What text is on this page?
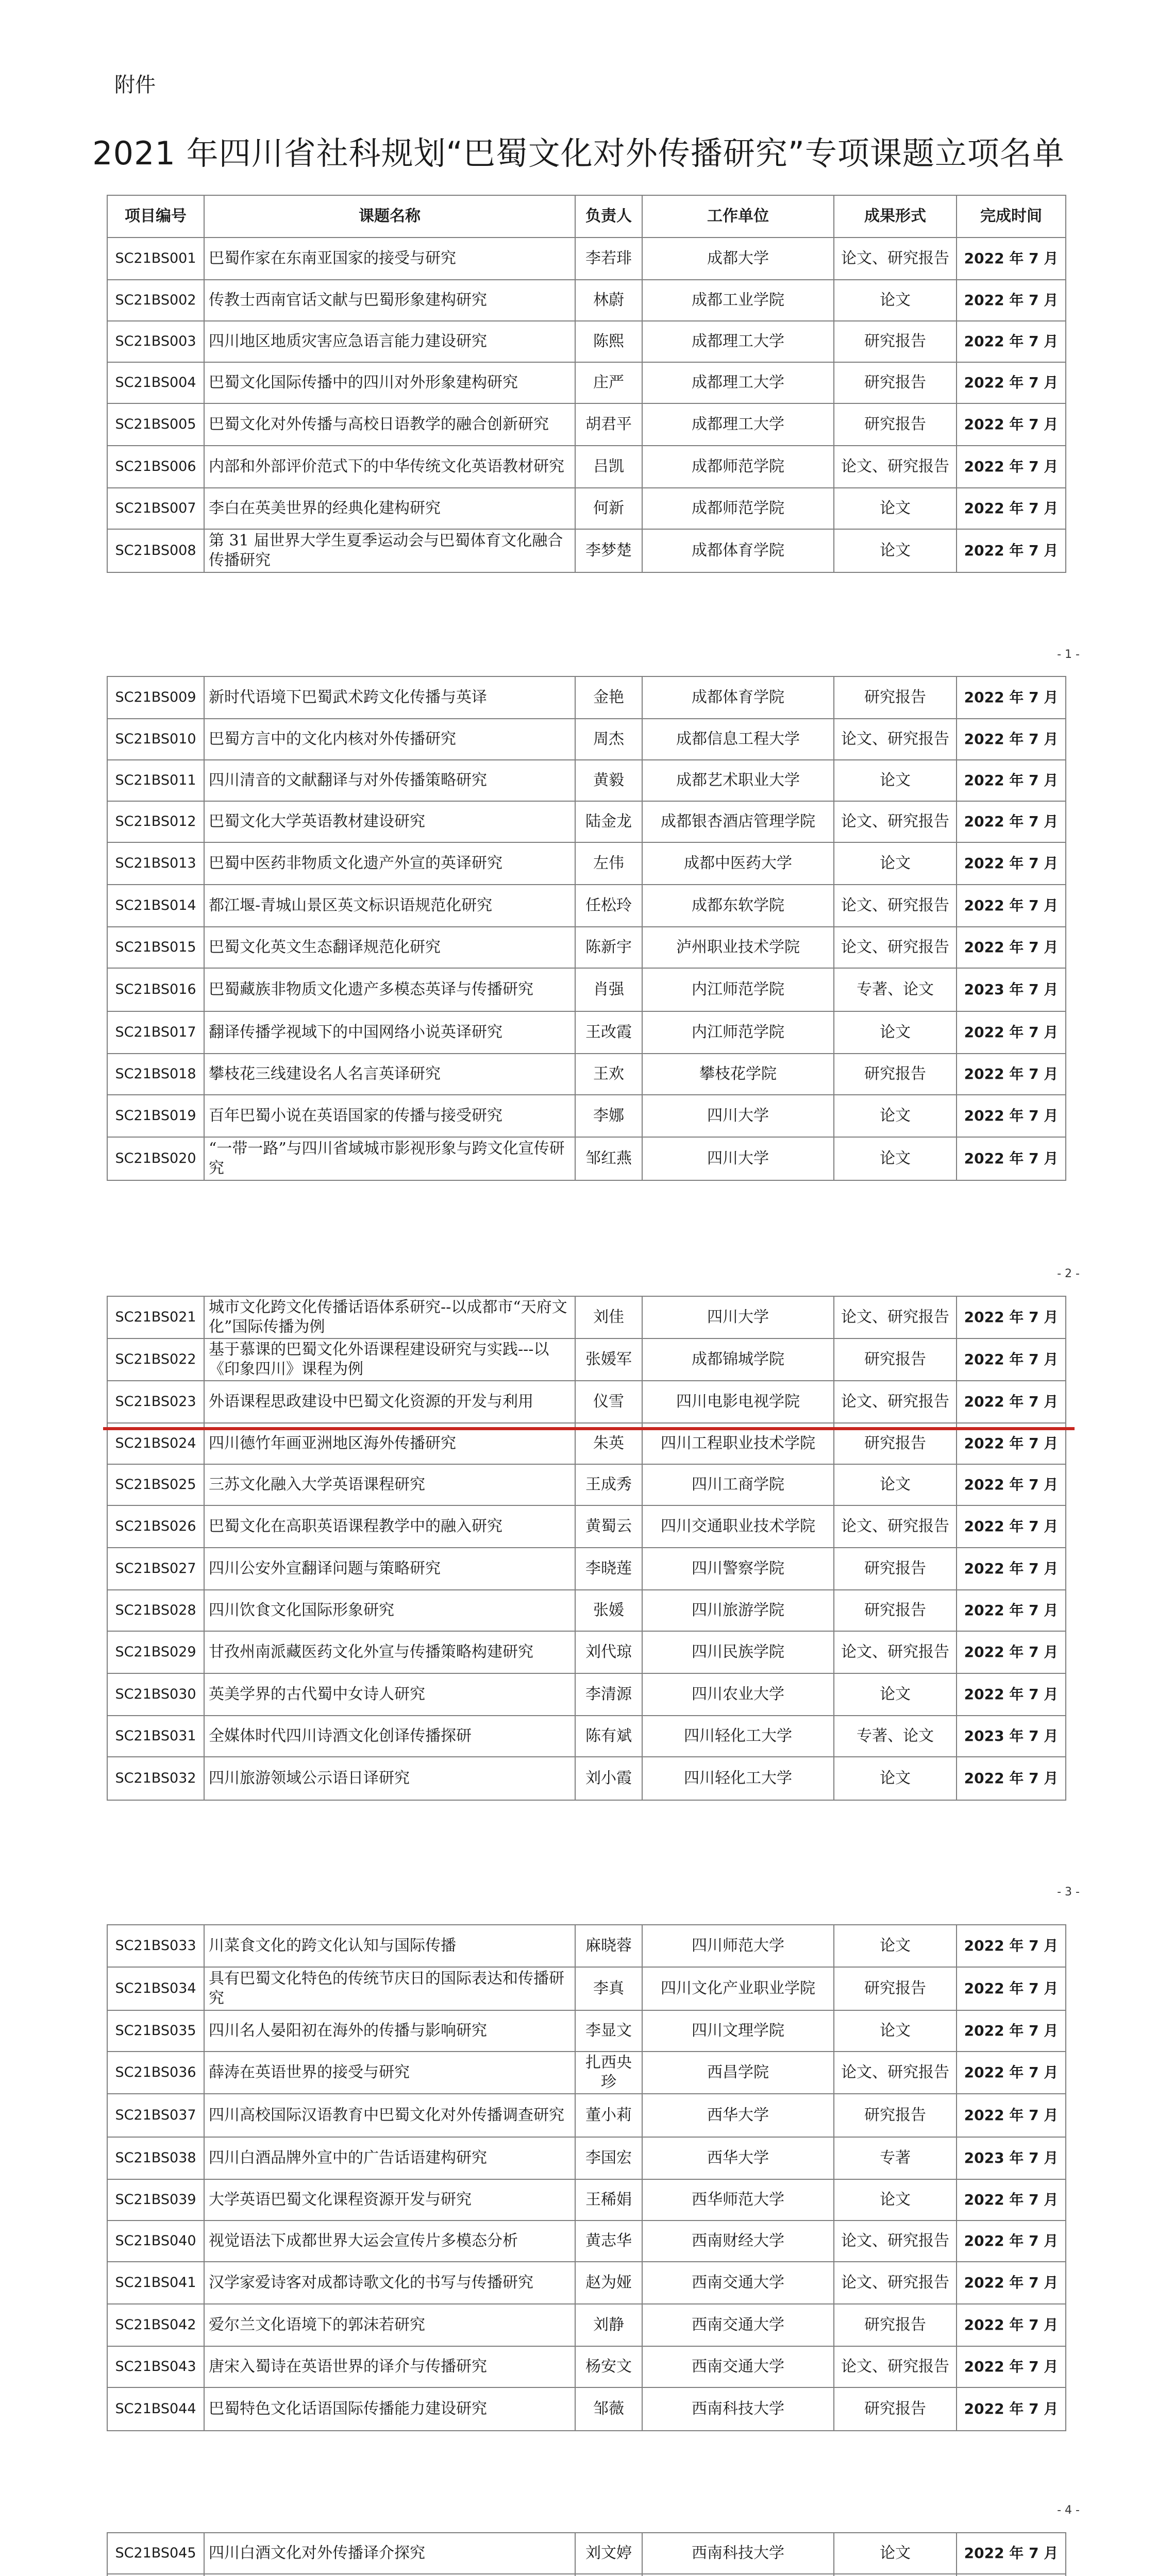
附件
2021 年四川省社科规划“巴蜀文化对外传播研究”专项课题立项名单
项目编号	课题名称	负责人	工作单位	成果形式	完成时间
SC21BS001	巴蜀作家在东南亚国家的接受与研究	李若琲	成都大学	论文、研究报告	2022 年 7 月
SC21BS002	传教士西南官话文献与巴蜀形象建构研究	林蔚	成都工业学院	论文	2022 年 7 月
SC21BS003	四川地区地质灾害应急语言能力建设研究	陈熙	成都理工大学	研究报告	2022 年 7 月
SC21BS004	巴蜀文化国际传播中的四川对外形象建构研究	庄严	成都理工大学	研究报告	2022 年 7 月
SC21BS005	巴蜀文化对外传播与高校日语教学的融合创新研究	胡君平	成都理工大学	研究报告	2022 年 7 月
SC21BS006	内部和外部评价范式下的中华传统文化英语教材研究	吕凯	成都师范学院	论文、研究报告	2022 年 7 月
SC21BS007	李白在英美世界的经典化建构研究	何新	成都师范学院	论文	2022 年 7 月
SC21BS008	第 31 届世界大学生夏季运动会与巴蜀体育文化融合传播研究	李梦楚	成都体育学院	论文	2022 年 7 月
SC21BS009	新时代语境下巴蜀武术跨文化传播与英译	金艳	成都体育学院	研究报告	2022 年 7 月
SC21BS010	巴蜀方言中的文化内核对外传播研究	周杰	成都信息工程大学	论文、研究报告	2022 年 7 月
SC21BS011	四川清音的文献翻译与对外传播策略研究	黄毅	成都艺术职业大学	论文	2022 年 7 月
SC21BS012	巴蜀文化大学英语教材建设研究	陆金龙	成都银杏酒店管理学院	论文、研究报告	2022 年 7 月
SC21BS013	巴蜀中医药非物质文化遗产外宣的英译研究	左伟	成都中医药大学	论文	2022 年 7 月
SC21BS014	都江堰-青城山景区英文标识语规范化研究	任松玲	成都东软学院	论文、研究报告	2022 年 7 月
SC21BS015	巴蜀文化英文生态翻译规范化研究	陈新宇	泸州职业技术学院	论文、研究报告	2022 年 7 月
SC21BS016	巴蜀藏族非物质文化遗产多模态英译与传播研究	肖强	内江师范学院	专著、论文	2023 年 7 月
SC21BS017	翻译传播学视域下的中国网络小说英译研究	王改霞	内江师范学院	论文	2022 年 7 月
SC21BS018	攀枝花三线建设名人名言英译研究	王欢	攀枝花学院	研究报告	2022 年 7 月
SC21BS019	百年巴蜀小说在英语国家的传播与接受研究	李娜	四川大学	论文	2022 年 7 月
SC21BS020	“一带一路”与四川省域城市影视形象与跨文化宣传研究	邹红燕	四川大学	论文	2022 年 7 月
SC21BS021	城市文化跨文化传播话语体系研究--以成都市“天府文化”国际传播为例	刘佳	四川大学	论文、研究报告	2022 年 7 月
SC21BS022	基于慕课的巴蜀文化外语课程建设研究与实践---以《印象四川》课程为例	张媛军	成都锦城学院	研究报告	2022 年 7 月
SC21BS023	外语课程思政建设中巴蜀文化资源的开发与利用	仪雪	四川电影电视学院	论文、研究报告	2022 年 7 月
SC21BS024	四川德竹年画亚洲地区海外传播研究	朱英	四川工程职业技术学院	研究报告	2022 年 7 月
SC21BS025	三苏文化融入大学英语课程研究	王成秀	四川工商学院	论文	2022 年 7 月
SC21BS026	巴蜀文化在高职英语课程教学中的融入研究	黄蜀云	四川交通职业技术学院	论文、研究报告	2022 年 7 月
SC21BS027	四川公安外宣翻译问题与策略研究	李晓莲	四川警察学院	研究报告	2022 年 7 月
SC21BS028	四川饮食文化国际形象研究	张媛	四川旅游学院	研究报告	2022 年 7 月
SC21BS029	甘孜州南派藏医药文化外宣与传播策略构建研究	刘代琼	四川民族学院	论文、研究报告	2022 年 7 月
SC21BS030	英美学界的古代蜀中女诗人研究	李清源	四川农业大学	论文	2022 年 7 月
SC21BS031	全媒体时代四川诗酒文化创译传播探研	陈有斌	四川轻化工大学	专著、论文	2023 年 7 月
SC21BS032	四川旅游领域公示语日译研究	刘小霞	四川轻化工大学	论文	2022 年 7 月
SC21BS033	川菜食文化的跨文化认知与国际传播	麻晓蓉	四川师范大学	论文	2022 年 7 月
SC21BS034	具有巴蜀文化特色的传统节庆日的国际表达和传播研究	李真	四川文化产业职业学院	研究报告	2022 年 7 月
SC21BS035	四川名人晏阳初在海外的传播与影响研究	李显文	四川文理学院	论文	2022 年 7 月
SC21BS036	薛涛在英语世界的接受与研究	扎西央珍	西昌学院	论文、研究报告	2022 年 7 月
SC21BS037	四川高校国际汉语教育中巴蜀文化对外传播调查研究	董小莉	西华大学	研究报告	2022 年 7 月
SC21BS038	四川白酒品牌外宣中的广告话语建构研究	李国宏	西华大学	专著	2023 年 7 月
SC21BS039	大学英语巴蜀文化课程资源开发与研究	王稀娟	西华师范大学	论文	2022 年 7 月
SC21BS040	视觉语法下成都世界大运会宣传片多模态分析	黄志华	西南财经大学	论文、研究报告	2022 年 7 月
SC21BS041	汉学家爱诗客对成都诗歌文化的书写与传播研究	赵为娅	西南交通大学	论文、研究报告	2022 年 7 月
SC21BS042	爱尔兰文化语境下的郭沫若研究	刘静	西南交通大学	研究报告	2022 年 7 月
SC21BS043	唐宋入蜀诗在英语世界的译介与传播研究	杨安文	西南交通大学	论文、研究报告	2022 年 7 月
SC21BS044	巴蜀特色文化话语国际传播能力建设研究	邹薇	西南科技大学	研究报告	2022 年 7 月
SC21BS045	四川白酒文化对外传播译介探究	刘文婷	西南科技大学	论文	2022 年 7 月

- 1 -
- 2 -
- 3 -
- 4 -
